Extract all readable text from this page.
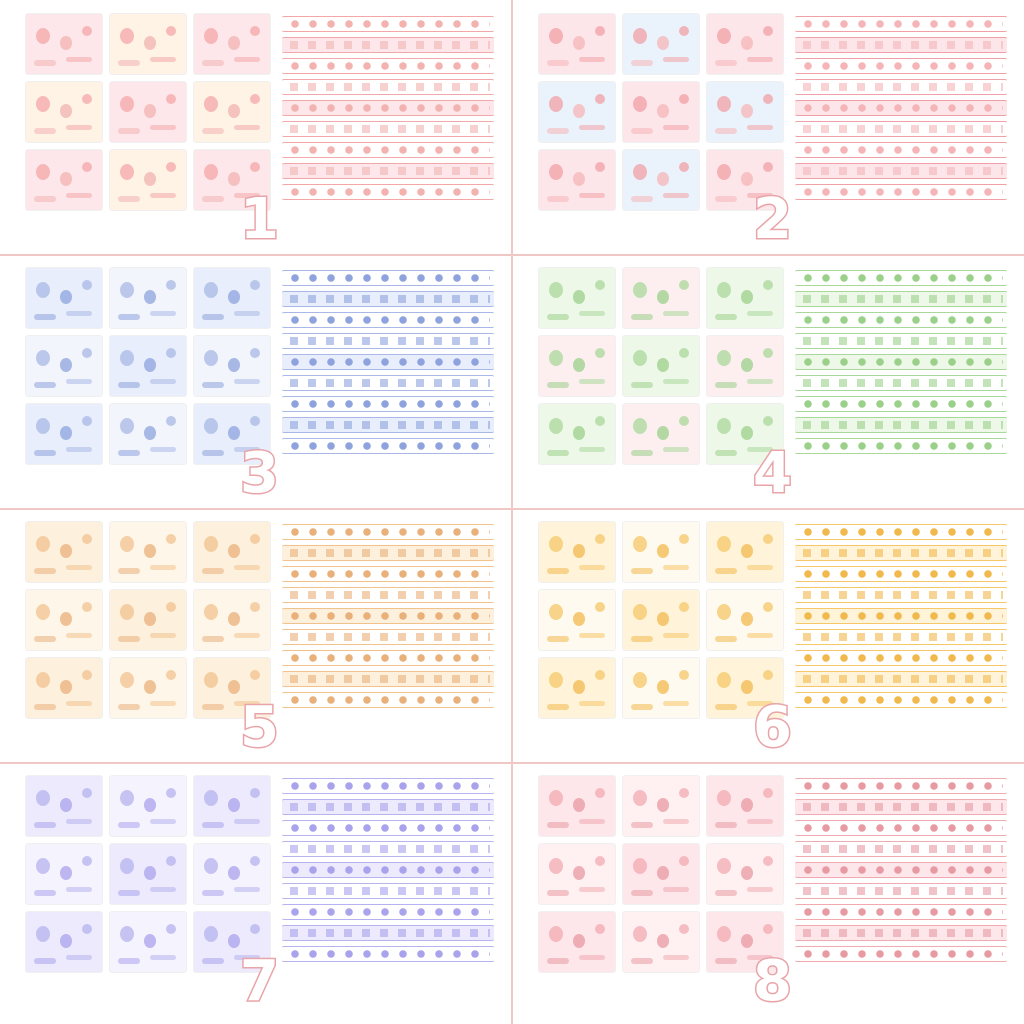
1	2
3	4
5	6
7	8
